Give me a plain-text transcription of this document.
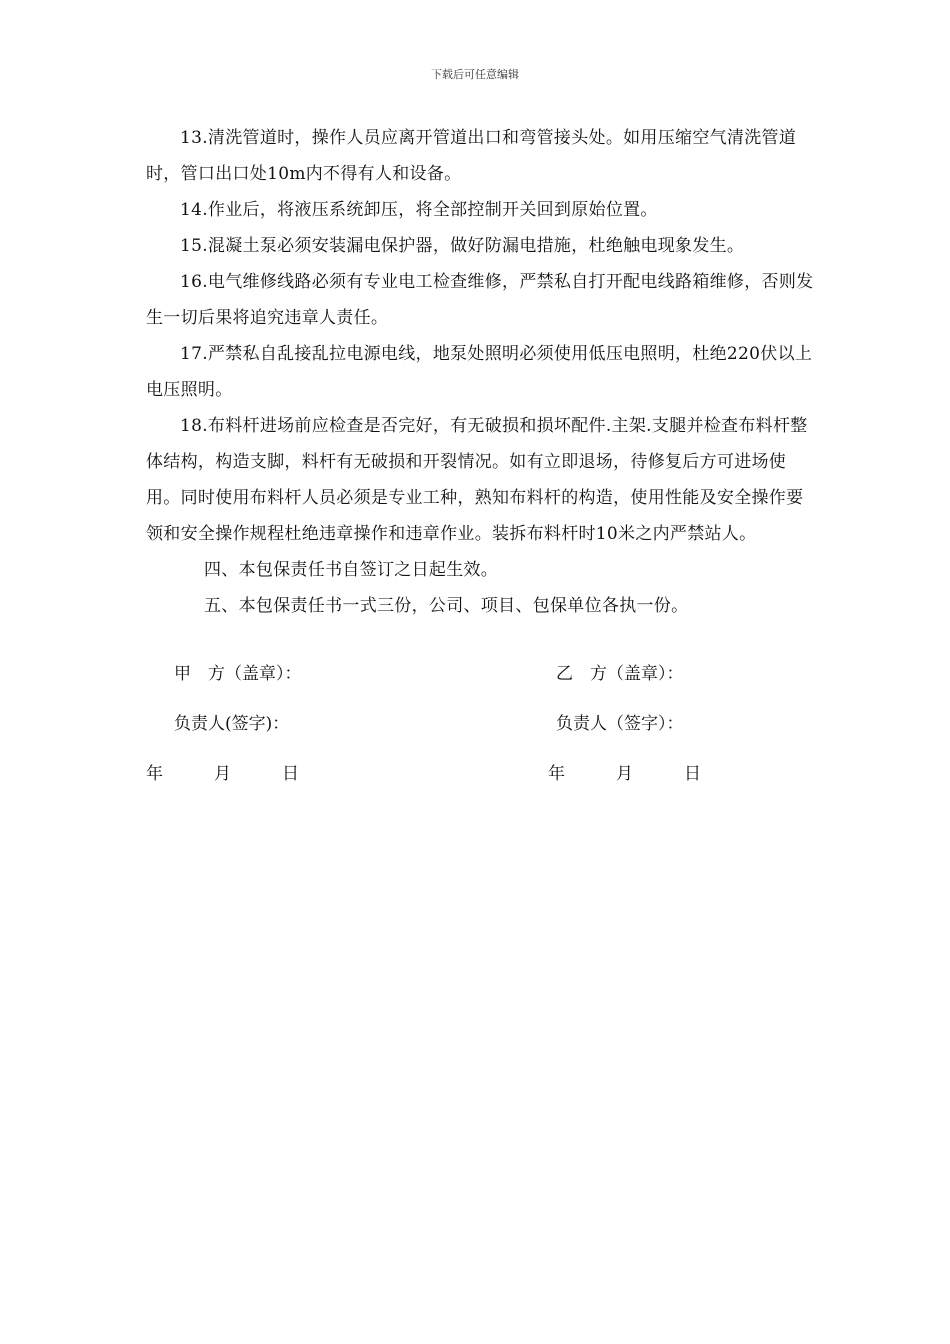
下载后可任意编辑

13.清洗管道时，操作人员应离开管道出口和弯管接头处。如用压缩空气清洗管道时，管口出口处10m内不得有人和设备。

14.作业后，将液压系统卸压，将全部控制开关回到原始位置。

15.混凝土泵必须安装漏电保护器，做好防漏电措施，杜绝触电现象发生。

16.电气维修线路必须有专业电工检查维修，严禁私自打开配电线路箱维修，否则发生一切后果将追究违章人责任。

17.严禁私自乱接乱拉电源电线，地泵处照明必须使用低压电照明，杜绝220伏以上电压照明。

18.布料杆进场前应检查是否完好，有无破损和损坏配件.主架.支腿并检查布料杆整体结构，构造支脚，料杆有无破损和开裂情况。如有立即退场，待修复后方可进场使用。同时使用布料杆人员必须是专业工种，熟知布料杆的构造，使用性能及安全操作要领和安全操作规程杜绝违章操作和违章作业。装拆布料杆时10米之内严禁站人。

四、本包保责任书自签订之日起生效。

五、本包保责任书一式三份，公司、项目、包保单位各执一份。

甲　方（盖章）：	乙　方（盖章）：
负责人(签字)：	负责人（签字）：
年　　　月　　　日	年　　　月　　　日
